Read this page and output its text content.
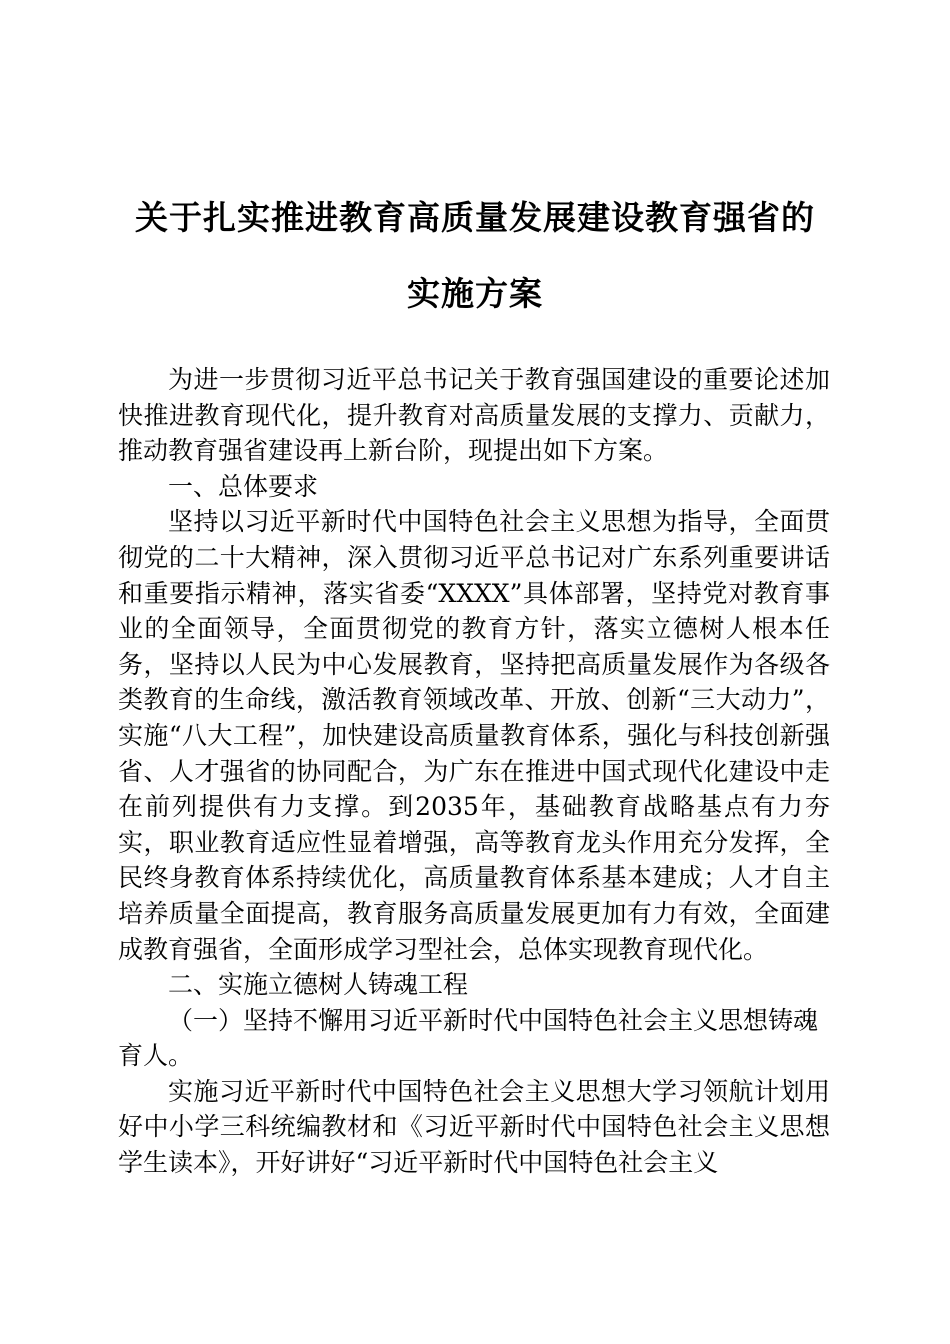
关于扎实推进教育高质量发展建设教育强省的

实施方案

为进一步贯彻习近平总书记关于教育强国建设的重要论述加快推进教育现代化，提升教育对高质量发展的支撑力、贡献力，推动教育强省建设再上新台阶，现提出如下方案。

一、总体要求

坚持以习近平新时代中国特色社会主义思想为指导，全面贯彻党的二十大精神，深入贯彻习近平总书记对广东系列重要讲话和重要指示精神，落实省委“XXXX”具体部署，坚持党对教育事业的全面领导，全面贯彻党的教育方针，落实立德树人根本任务，坚持以人民为中心发展教育，坚持把高质量发展作为各级各类教育的生命线，激活教育领域改革、开放、创新“三大动力”，实施“八大工程”，加快建设高质量教育体系，强化与科技创新强省、人才强省的协同配合，为广东在推进中国式现代化建设中走在前列提供有力支撑。到2035年，基础教育战略基点有力夯实，职业教育适应性显着增强，高等教育龙头作用充分发挥，全民终身教育体系持续优化，高质量教育体系基本建成；人才自主培养质量全面提高，教育服务高质量发展更加有力有效，全面建成教育强省，全面形成学习型社会，总体实现教育现代化。

二、实施立德树人铸魂工程

（一）坚持不懈用习近平新时代中国特色社会主义思想铸魂育人。

实施习近平新时代中国特色社会主义思想大学习领航计划用好中小学三科统编教材和《习近平新时代中国特色社会主义思想学生读本》，开好讲好“习近平新时代中国特色社会主义
